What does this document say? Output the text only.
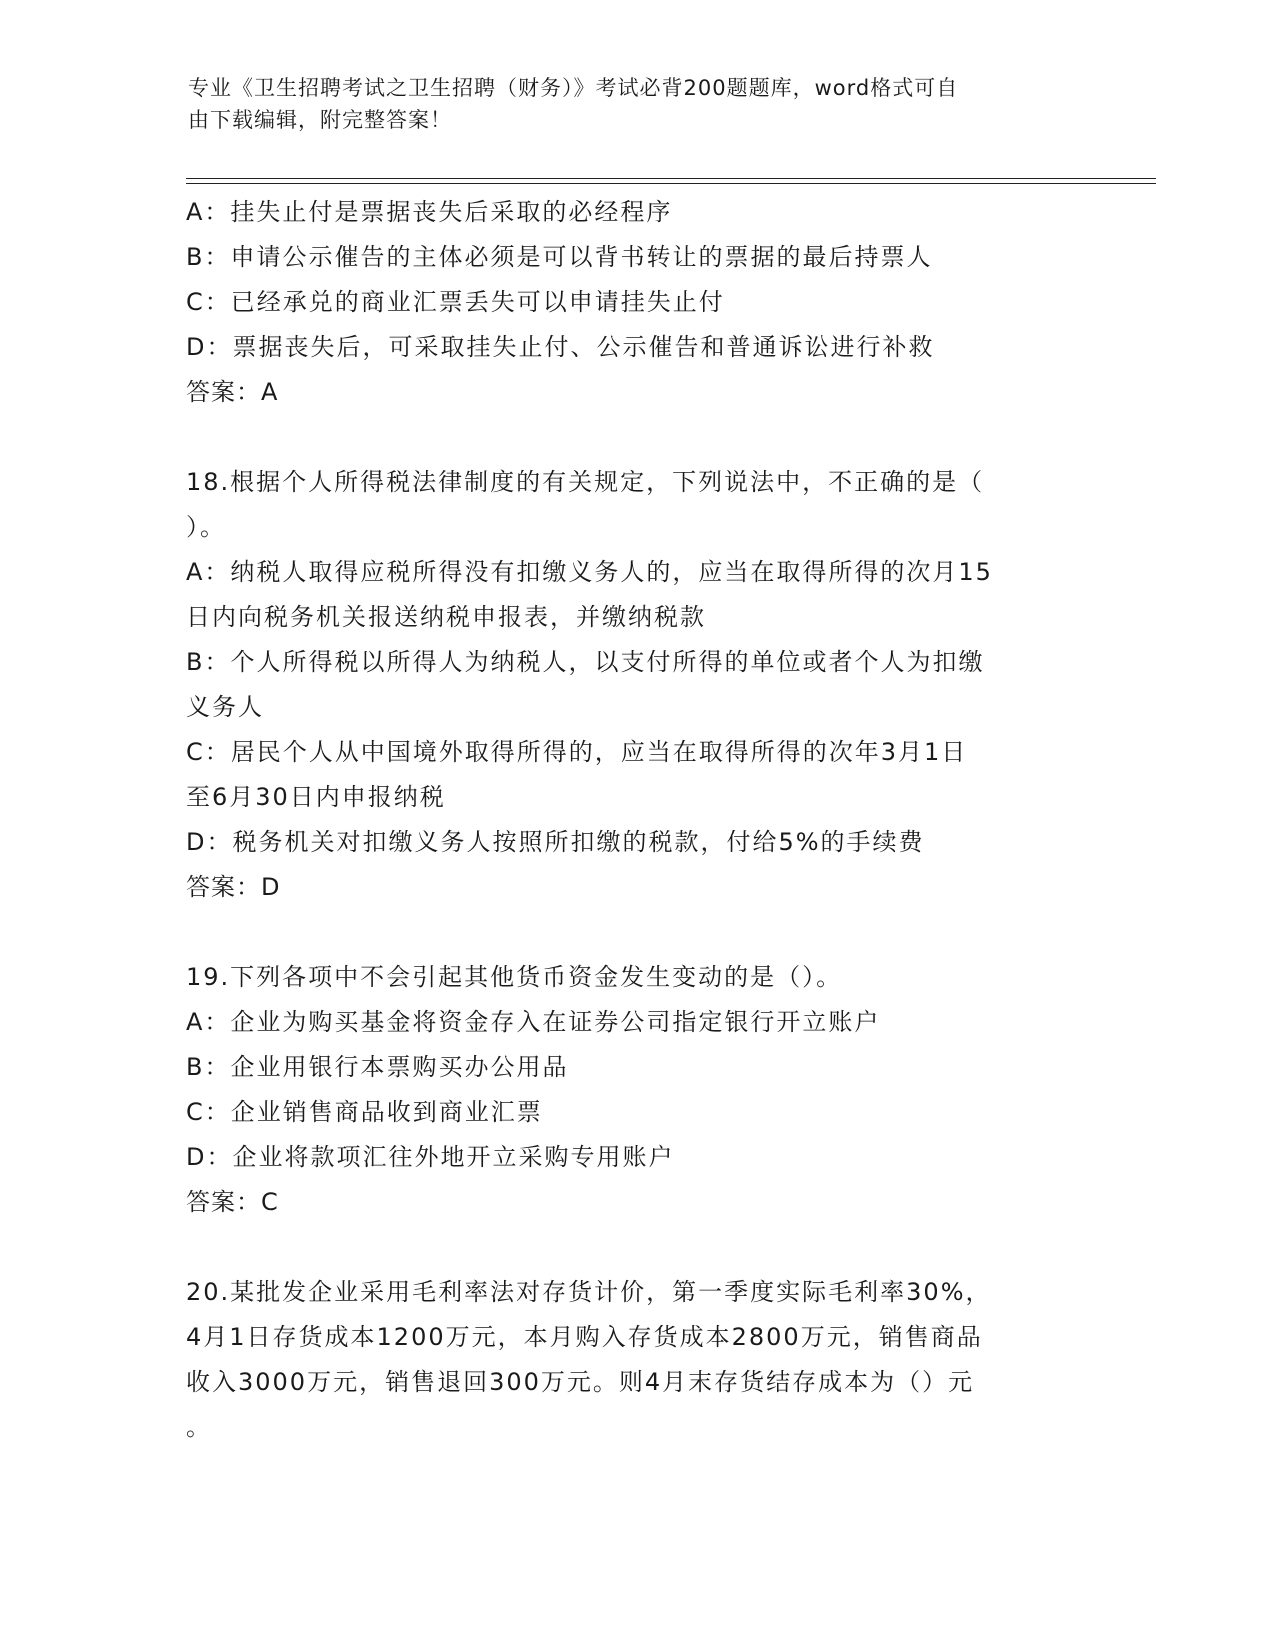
专业《卫生招聘考试之卫生招聘（财务）》考试必背200题题库，word格式可自
由下载编辑，附完整答案！

A：挂失止付是票据丧失后采取的必经程序

B：申请公示催告的主体必须是可以背书转让的票据的最后持票人

C：已经承兑的商业汇票丢失可以申请挂失止付

D：票据丧失后，可采取挂失止付、公示催告和普通诉讼进行补救

答案：A

18.根据个人所得税法律制度的有关规定，下列说法中，不正确的是（

）。

A：纳税人取得应税所得没有扣缴义务人的，应当在取得所得的次月15

日内向税务机关报送纳税申报表，并缴纳税款

B：个人所得税以所得人为纳税人，以支付所得的单位或者个人为扣缴

义务人

C：居民个人从中国境外取得所得的，应当在取得所得的次年3月1日

至6月30日内申报纳税

D：税务机关对扣缴义务人按照所扣缴的税款，付给5%的手续费

答案：D

19.下列各项中不会引起其他货币资金发生变动的是（）。

A：企业为购买基金将资金存入在证券公司指定银行开立账户

B：企业用银行本票购买办公用品

C：企业销售商品收到商业汇票

D：企业将款项汇往外地开立采购专用账户

答案：C

20.某批发企业采用毛利率法对存货计价，第一季度实际毛利率30%，

4月1日存货成本1200万元，本月购入存货成本2800万元，销售商品

收入3000万元，销售退回300万元。则4月末存货结存成本为（）元

。
